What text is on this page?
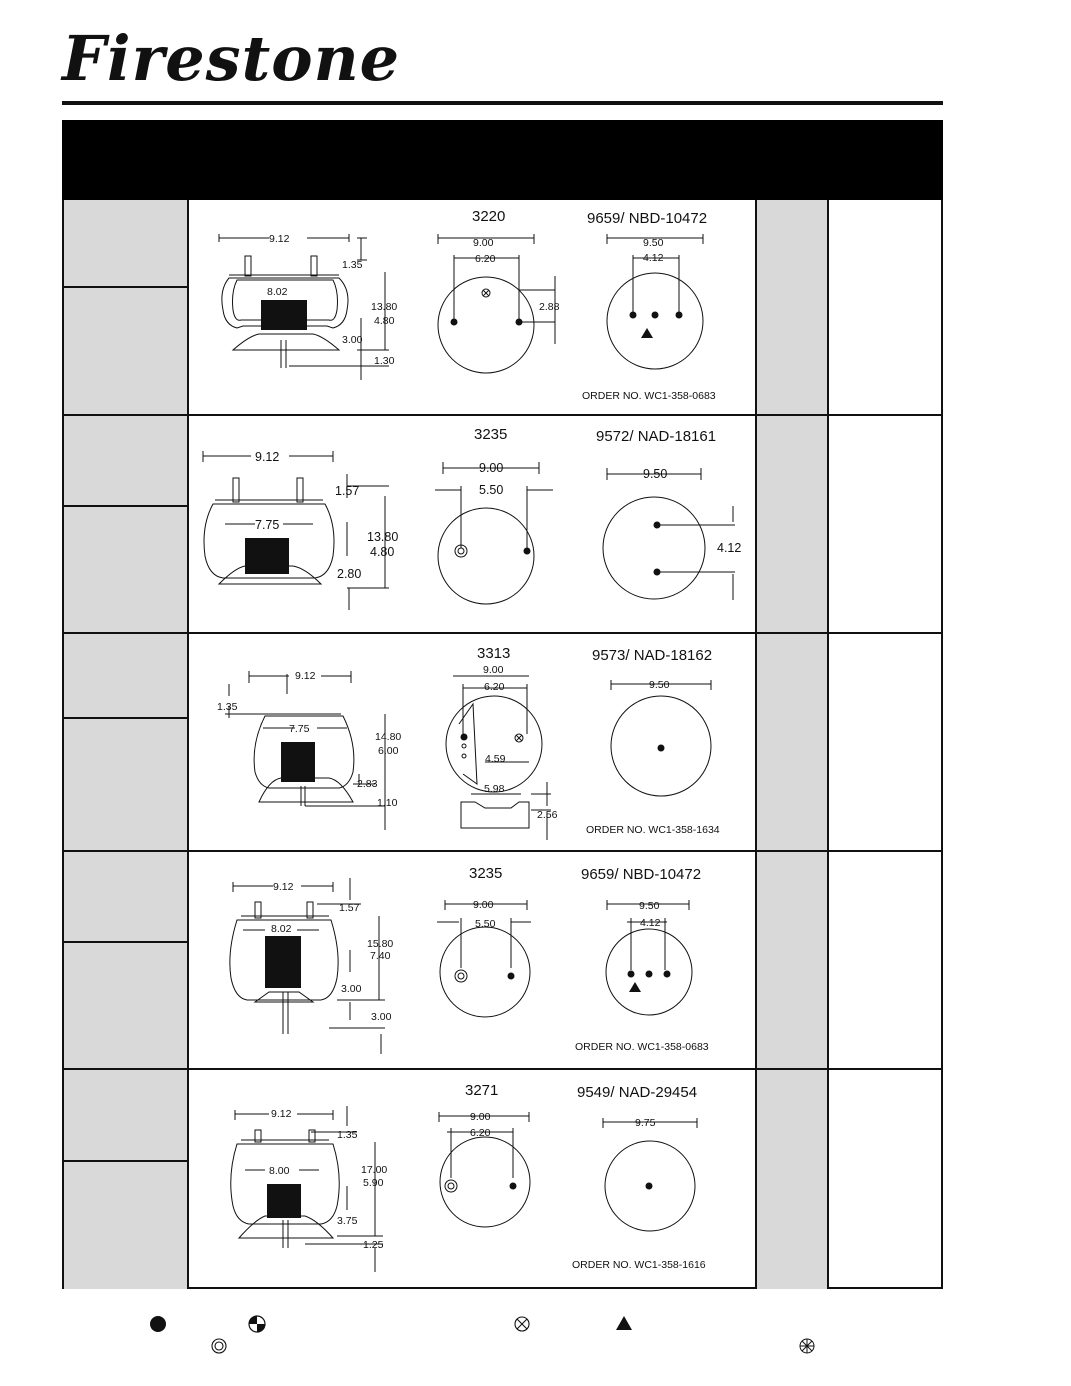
Firestone
9.12
1.35
8.02
13.80
4.80
3.00
1.30
9.00
6.20
2.88
9.50
4.12
3220	9659/ NBD-10472
ORDER NO. WC1-358-0683
9.12
1.57
7.75
13.80
4.80
2.80
9.00
5.50
9.50
4.12
3235	9572/ NAD-18161
9.12
1.35
7.75
14.80
6.00
2.83
1.10
9.00
6.20
4.59
5.98
2.56
9.50
3313	9573/ NAD-18162
ORDER NO. WC1-358-1634
9.12
1.57
8.02
15.80
7.40
3.00
3.00
9.00
5.50
9.50
4.12
3235	9659/ NBD-10472
ORDER NO. WC1-358-0683
9.12
1.35
8.00	17.00
5.90
3.75
1.25
9.00
6.20
9.75
3271	9549/ NAD-29454
ORDER NO. WC1-358-1616
